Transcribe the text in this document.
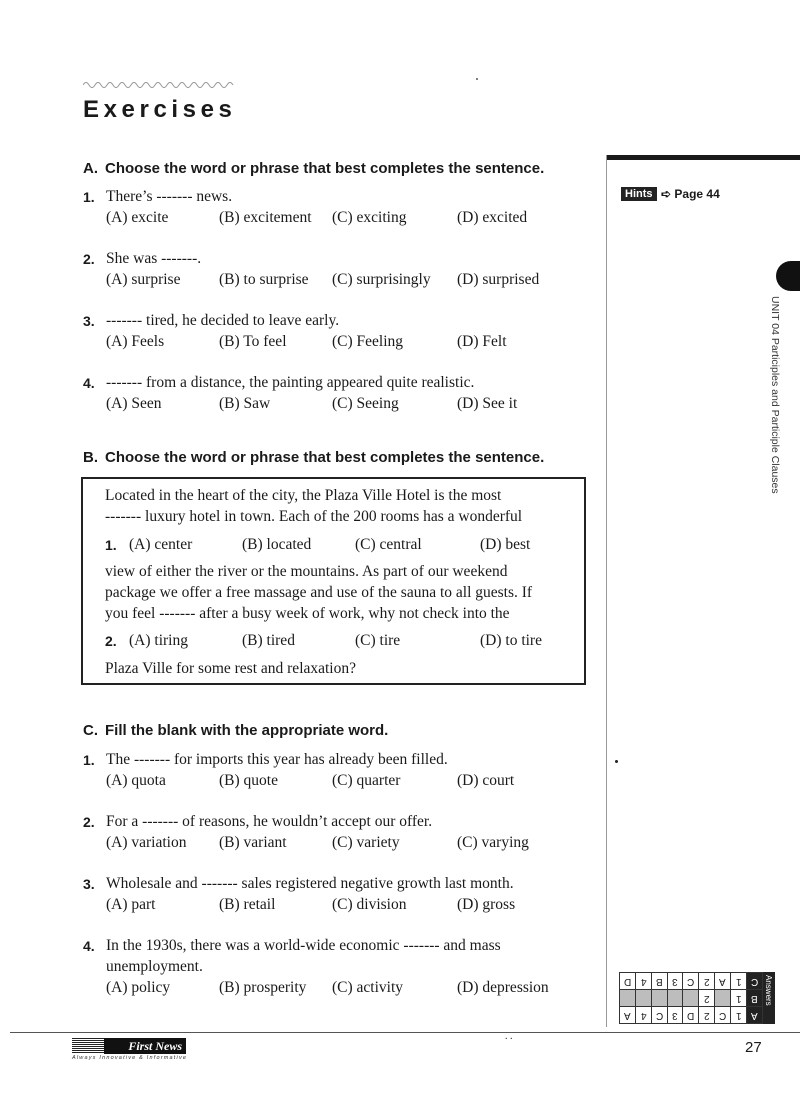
Exercises
A. Choose the word or phrase that best completes the sentence.
1. There’s ------- news.
(A) excite	(B) excitement (C) exciting	(D) excited
2. She was -------.
(A) surprise (B) to surprise (C) surprisingly (D) surprised
3. ------- tired, he decided to leave early.
(A) Feels	(B) To feel	(C) Feeling	(D) Felt
4. ------- from a distance, the painting appeared quite realistic.
(A) Seen	(B) Saw	(C) Seeing	(D) See it
B. Choose the word or phrase that best completes the sentence.
Located in the heart of the city, the Plaza Ville Hotel is the most
------- luxury hotel in town. Each of the 200 rooms has a wonderful
1. (A) center	(B) located	(C) central	(D) best
view of either the river or the mountains. As part of our weekend
package we offer a free massage and use of the sauna to all guests. If
you feel ------- after a busy week of work, why not check into the
2. (A) tiring	(B) tired	(C) tire	(D) to tire
Plaza Ville for some rest and relaxation?
C. Fill the blank with the appropriate word.
1. The ------- for imports this year has already been filled.
(A) quota	(B) quote	(C) quarter	(D) court
2. For a ------- of reasons, he wouldn’t accept our offer.
(A) variation (B) variant	(C) variety	(C) varying
3. Wholesale and ------- sales registered negative growth last month.
(A) part	(B) retail	(C) division	(D) gross
4. In the 1930s, there was a world-wide economic ------- and mass
unemployment.
(A) policy	(B) prosperity (C) activity	(D) depression
Hints ➪ Page 44
UNIT 04 Participles and Participle Clauses
D	4	B	3	C	2	A	1	C
					2		1	B
A	4	C	3	D	2	C	1	A
Answers
. .
First News
Always Innovative & Informative
27
